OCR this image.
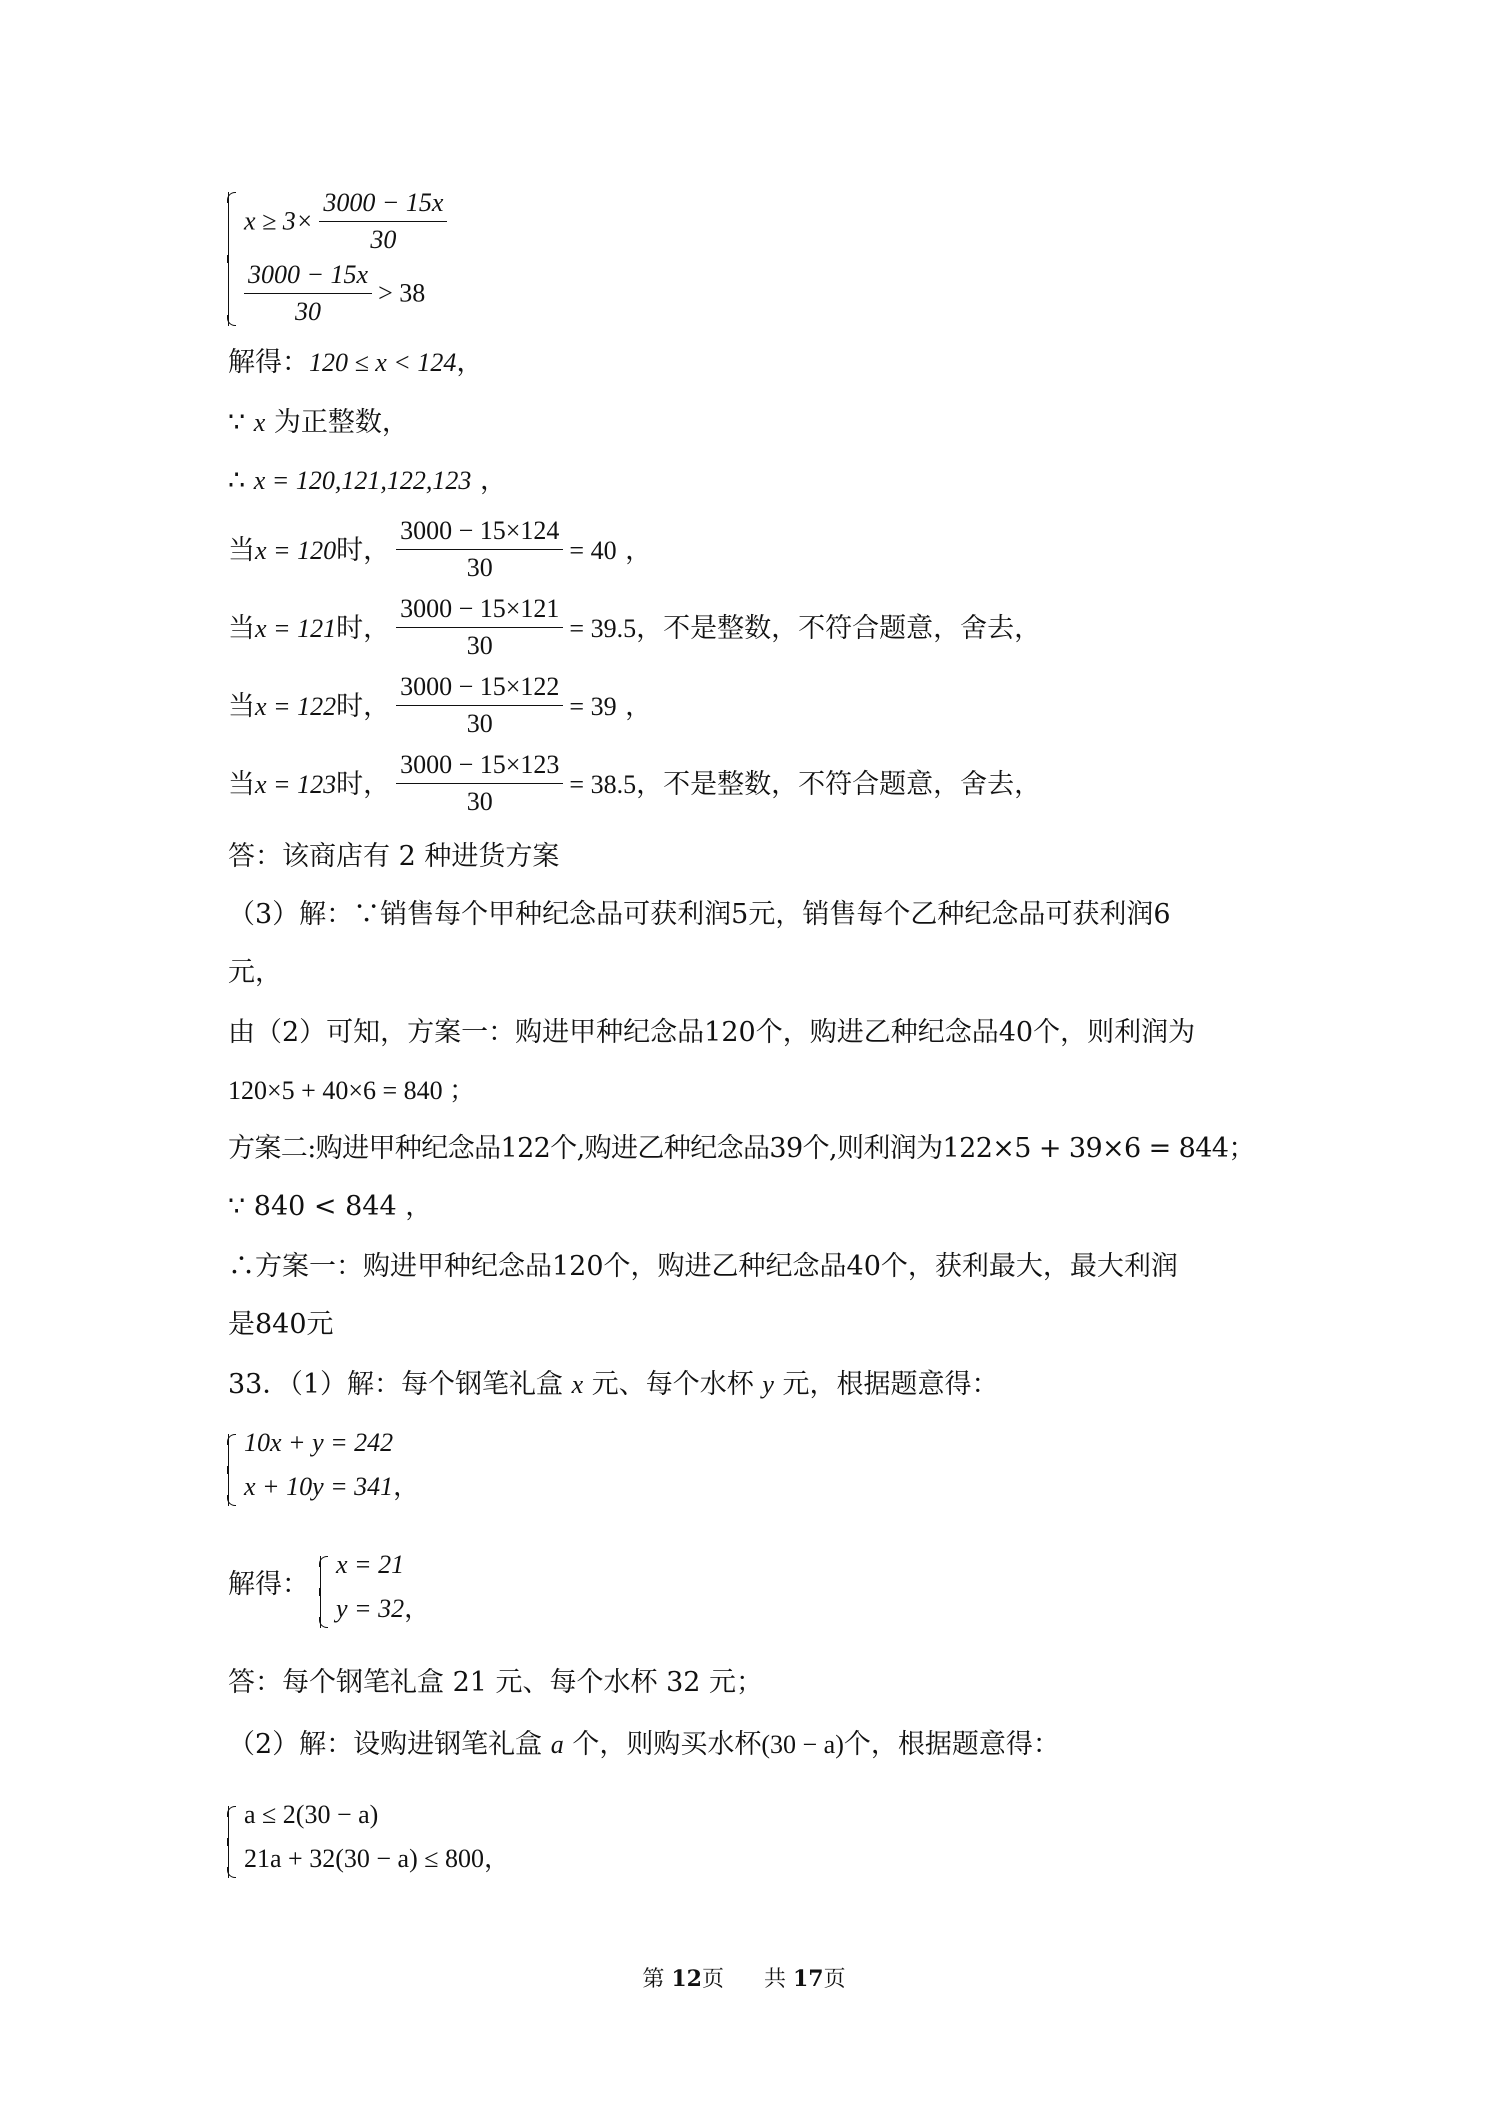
$x \ge 3\times \frac{3000 - 15x}{30}$
$\frac{3000 - 15x}{30} > 38$
解得：120 ≤ x < 124，
∵ x 为正整数，
∴ x = 120,121,122,123 ，
当x = 120时， $\frac{3000 - 15\times 124}{30} = 40$ ，
当x = 121时， $\frac{3000 - 15\times 121}{30} = 39.5$，不是整数，不符合题意，舍去，
当x = 122时， $\frac{3000 - 15\times 122}{30} = 39$ ，
当x = 123时， $\frac{3000 - 15\times 123}{30} = 38.5$，不是整数，不符合题意，舍去，
答：该商店有 2 种进货方案
（3）解：∵销售每个甲种纪念品可获利润5元，销售每个乙种纪念品可获利润6
元，
由（2）可知，方案一：购进甲种纪念品120个，购进乙种纪念品40个，则利润为
120×5 + 40×6 = 840 ；
方案二:购进甲种纪念品122个,购进乙种纪念品39个,则利润为122×5 + 39×6 = 844；
∵ 840 < 844 ，
∴方案一：购进甲种纪念品120个，购进乙种纪念品40个，获利最大，最大利润
是840元
33．（1）解：每个钢笔礼盒 x 元、每个水杯 y 元，根据题意得：
10x + y = 242
x + 10y = 341，
解得：
x = 21
y = 32，
答：每个钢笔礼盒 21 元、每个水杯 32 元；
（2）解：设购进钢笔礼盒 a 个，则购买水杯(30 − a)个，根据题意得：
a ≤ 2(30 − a)
21a + 32(30 − a) ≤ 800，
第 12页 共 17页
